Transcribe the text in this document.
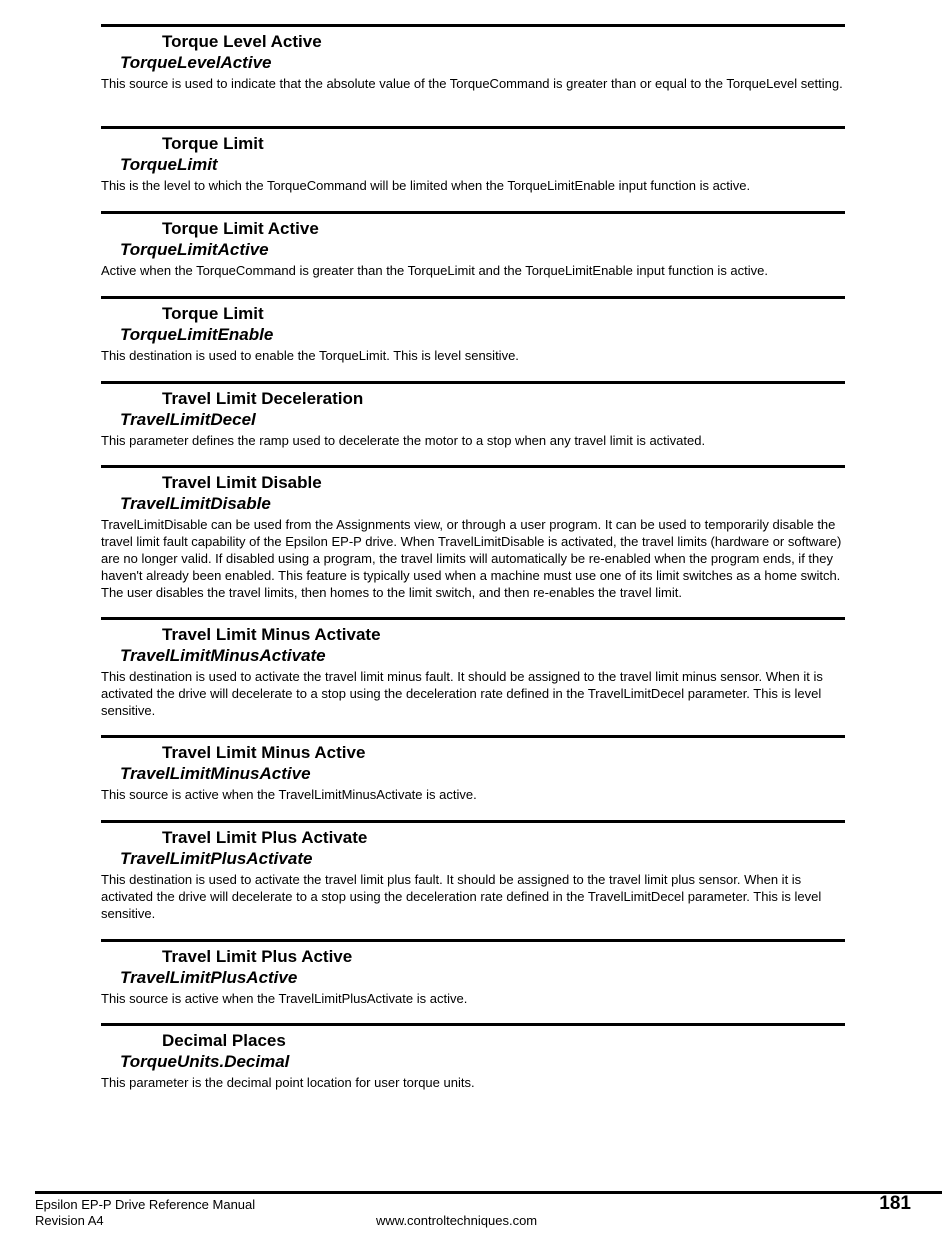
Torque Level Active
TorqueLevelActive
This source is used to indicate that the absolute value of the TorqueCommand is greater than or equal to the TorqueLevel setting.
Torque Limit
TorqueLimit
This is the level to which the TorqueCommand will be limited when the TorqueLimitEnable input function is active.
Torque Limit Active
TorqueLimitActive
Active when the TorqueCommand is greater than the TorqueLimit and the TorqueLimitEnable input function is active.
Torque Limit
TorqueLimitEnable
This destination is used to enable the TorqueLimit. This is level sensitive.
Travel Limit Deceleration
TravelLimitDecel
This parameter defines the ramp used to decelerate the motor to a stop when any travel limit is activated.
Travel Limit Disable
TravelLimitDisable
TravelLimitDisable can be used from the Assignments view, or through a user program. It can be used to temporarily disable the travel limit fault capability of the Epsilon EP-P drive. When TravelLimitDisable is activated, the travel limits (hardware or software) are no longer valid. If disabled using a program, the travel limits will automatically be re-enabled when the program ends, if they haven't already been enabled. This feature is typically used when a machine must use one of its limit switches as a home switch. The user disables the travel limits, then homes to the limit switch, and then re-enables the travel limit.
Travel Limit Minus Activate
TravelLimitMinusActivate
This destination is used to activate the travel limit minus fault. It should be assigned to the travel limit minus sensor. When it is activated the drive will decelerate to a stop using the deceleration rate defined in the TravelLimitDecel parameter. This is level sensitive.
Travel Limit Minus Active
TravelLimitMinusActive
This source is active when the TravelLimitMinusActivate is active.
Travel Limit Plus Activate
TravelLimitPlusActivate
This destination is used to activate the travel limit plus fault. It should be assigned to the travel limit plus sensor. When it is activated the drive will decelerate to a stop using the deceleration rate defined in the TravelLimitDecel parameter. This is level sensitive.
Travel Limit Plus Active
TravelLimitPlusActive
This source is active when the TravelLimitPlusActivate is active.
Decimal Places
TorqueUnits.Decimal
This parameter is the decimal point location for user torque units.
Epsilon EP-P Drive Reference Manual
Revision A4	www.controltechniques.com
181
